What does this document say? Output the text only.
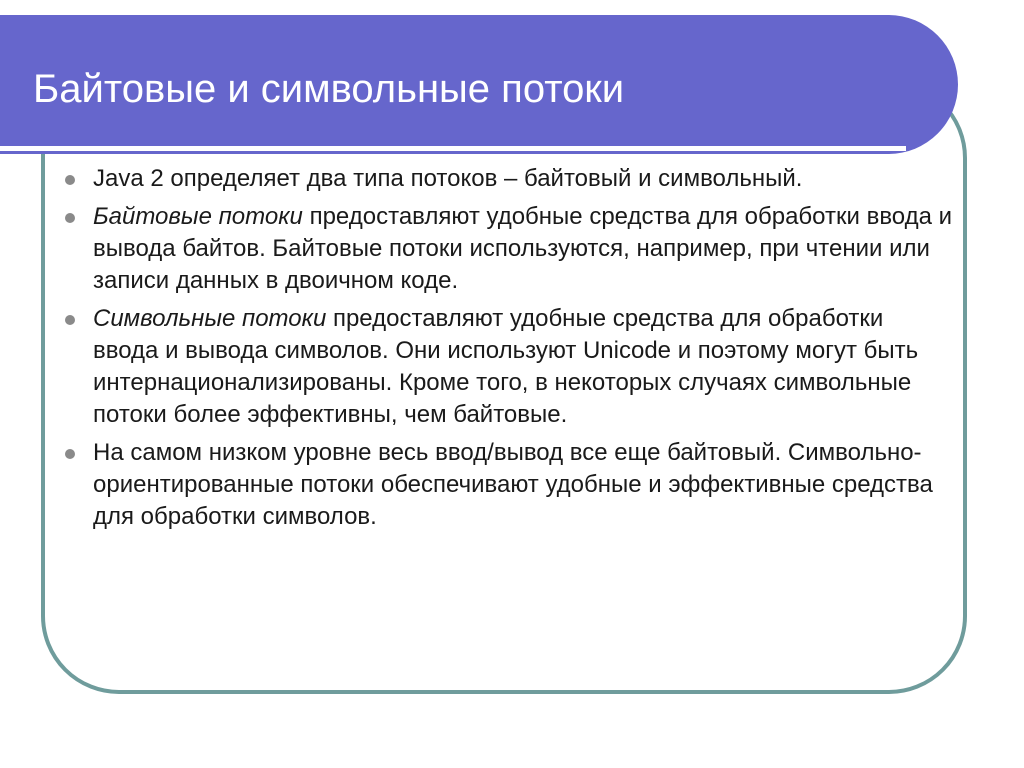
Байтовые и символьные потоки
Java 2 определяет два типа потоков – байтовый и символьный.
Байтовые потоки предоставляют удобные средства для обработки ввода и вывода байтов. Байтовые потоки используются, например, при чтении или записи данных в двоичном коде.
Символьные потоки предоставляют удобные средства для обработки ввода и вывода символов. Они используют Unicode и поэтому могут быть интернационализированы. Кроме того, в некоторых случаях символьные потоки более эффективны, чем байтовые.
На самом низком уровне весь ввод/вывод все еще байтовый. Символьно-ориентированные потоки обеспечивают удобные и эффективные средства для обработки символов.
